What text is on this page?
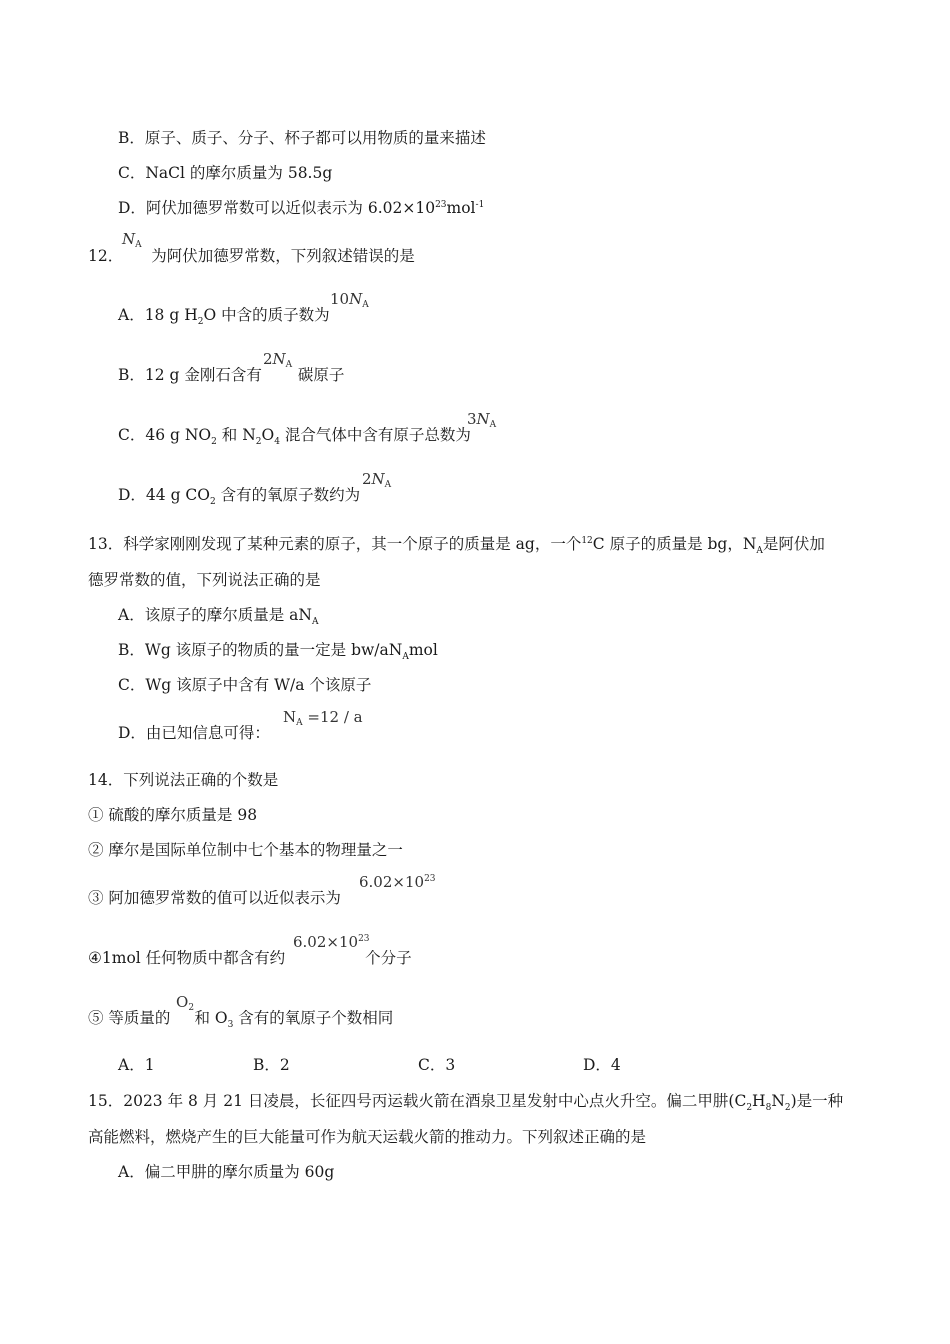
B．原子、质子、分子、杯子都可以用物质的量来描述
C．NaCl 的摩尔质量为 58.5g
D．阿伏加德罗常数可以近似表示为 $6.02\times 10^{23}mol^{-1}$
$N_A$
12． 为阿伏加德罗常数，下列叙述错误的是
A．18 g $H_2O$ 中含的质子数为
$10N_A$
B．12 g 金刚石含有 碳原子
$2N_A$
C．46 g $NO_2$ 和 $N_2O_4$ 混合气体中含有原子总数为
$3N_A$
D．44 g $CO_2$ 含有的氧原子数约为
$2N_A$
13．科学家刚刚发现了某种元素的原子，其一个原子的质量是 ag，一个$^{12}$C 原子的质量是 bg，$N_A$是阿伏加
德罗常数的值，下列说法正确的是
A．该原子的摩尔质量是 $aN_A$
B．Wg 该原子的物质的量一定是 $bw/aN_Amol$
C．Wg 该原子中含有 W/a 个该原子
D．由已知信息可得：
$N_A =12 / a$
14．下列说法正确的个数是
① 硫酸的摩尔质量是 98
② 摩尔是国际单位制中七个基本的物理量之一
③ 阿加德罗常数的值可以近似表示为
$6.02\times 10^{23}$
④1mol 任何物质中都含有约	个分子
$6.02\times 10^{23}$
⑤ 等质量的 和 $O_3$ 含有的氧原子个数相同
$O_2$
A．1	B．2	C．3	D．4
15．2023 年 8 月 21 日凌晨，长征四号丙运载火箭在酒泉卫星发射中心点火升空。偏二甲肼$(C_2H_8N_2)$是一种
高能燃料，燃烧产生的巨大能量可作为航天运载火箭的推动力。下列叙述正确的是
A．偏二甲肼的摩尔质量为 60g
